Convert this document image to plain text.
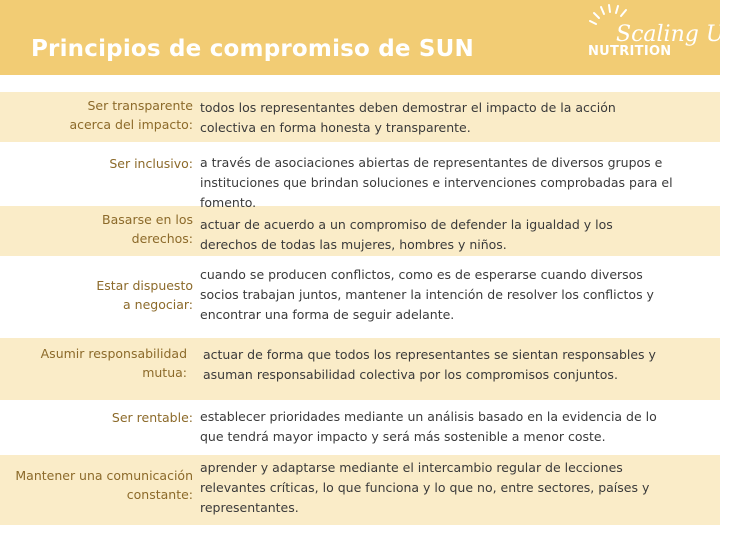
Principios de compromiso de SUN
Scaling Up
NUTRITION
Ser transparente
acerca del impacto:
todos los representantes deben demostrar el impacto de la acción
colectiva en forma honesta y transparente.
Ser inclusivo: a través de asociaciones abiertas de representantes de diversos grupos e
instituciones que brindan soluciones e intervenciones comprobadas para el
fomento.
Basarse en los
derechos:
actuar de acuerdo a un compromiso de defender la igualdad y los
derechos de todas las mujeres, hombres y niños.
Estar dispuesto
a negociar:
cuando se producen conflictos, como es de esperarse cuando diversos
socios trabajan juntos, mantener la intención de resolver los conflictos y
encontrar una forma de seguir adelante.
Asumir responsabilidad
mutua:
actuar de forma que todos los representantes se sientan responsables y
asuman responsabilidad colectiva por los compromisos conjuntos.
Ser rentable: establecer prioridades mediante un análisis basado en la evidencia de lo
que tendrá mayor impacto y será más sostenible a menor coste.
Mantener una comunicación
constante:
aprender y adaptarse mediante el intercambio regular de lecciones
relevantes críticas, lo que funciona y lo que no, entre sectores, países y
representantes.
